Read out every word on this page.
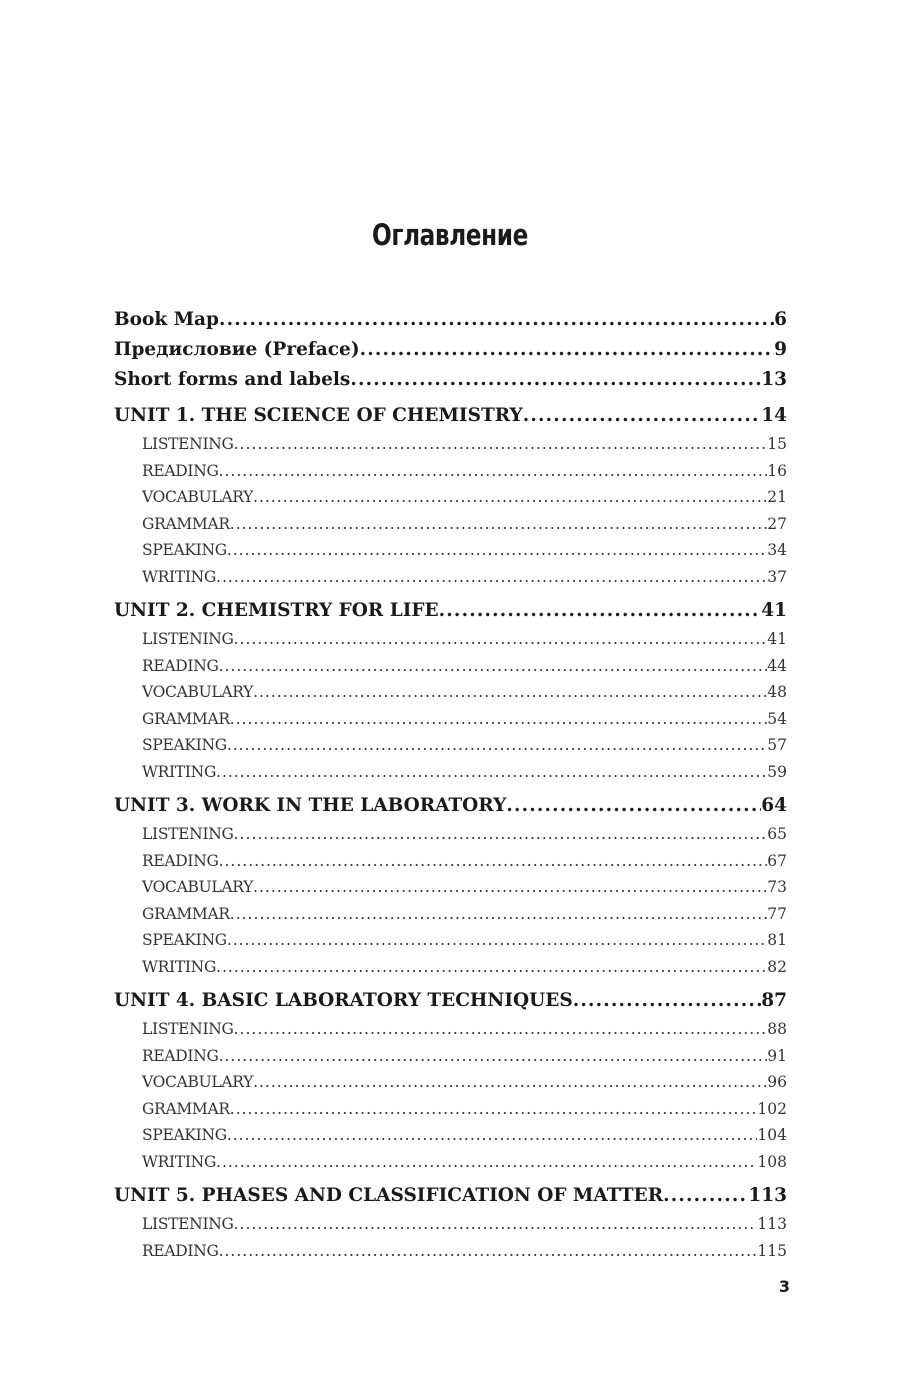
Оглавление
Book Map .....	6
Предисловие (Preface) .....	9
Short forms and labels .....	13
UNIT 1. THE SCIENCE OF CHEMISTRY .....	14
LISTENING .....	15
READING .....	16
VOCABULARY .....	21
GRAMMAR .....	27
SPEAKING .....	34
WRITING .....	37
UNIT 2. CHEMISTRY FOR LIFE .....	41
LISTENING .....	41
READING .....	44
VOCABULARY .....	48
GRAMMAR .....	54
SPEAKING .....	57
WRITING .....	59
UNIT 3. WORK IN THE LABORATORY .....	64
LISTENING .....	65
READING .....	67
VOCABULARY .....	73
GRAMMAR .....	77
SPEAKING .....	81
WRITING .....	82
UNIT 4. BASIC LABORATORY TECHNIQUES .....	87
LISTENING .....	88
READING .....	91
VOCABULARY .....	96
GRAMMAR .....	102
SPEAKING .....	104
WRITING .....	108
UNIT 5. PHASES AND CLASSIFICATION OF MATTER .....	113
LISTENING .....	113
READING .....	115
3
